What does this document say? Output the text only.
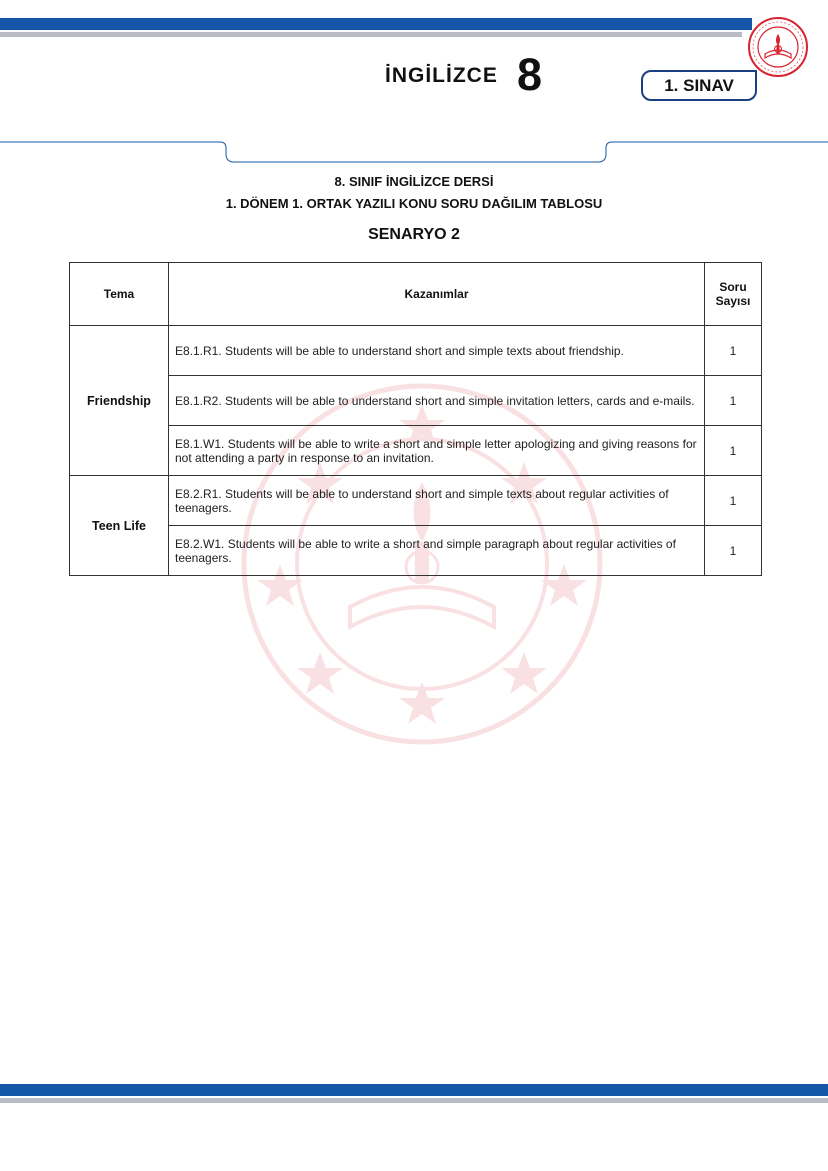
İNGİLİZCE 8	1. SINAV
8. SINIF İNGİLİZCE DERSİ
1. DÖNEM 1. ORTAK YAZILI KONU SORU DAĞILIM TABLOSU
SENARYO 2
Tema	Kazanımlar	Soru
Sayısı
Friendship	E8.1.R1. Students will be able to understand short and simple texts about friendship.	1
	E8.1.R2. Students will be able to understand short and simple invitation letters, cards and e-mails.	1
	E8.1.W1. Students will be able to write a short and simple letter apologizing and giving reasons for not attending a party in response to an invitation.	1
Teen Life	E8.2.R1. Students will be able to understand short and simple texts about regular activities of teenagers.	1
	E8.2.W1. Students will be able to write a short and simple paragraph about regular activities of teenagers.	1
